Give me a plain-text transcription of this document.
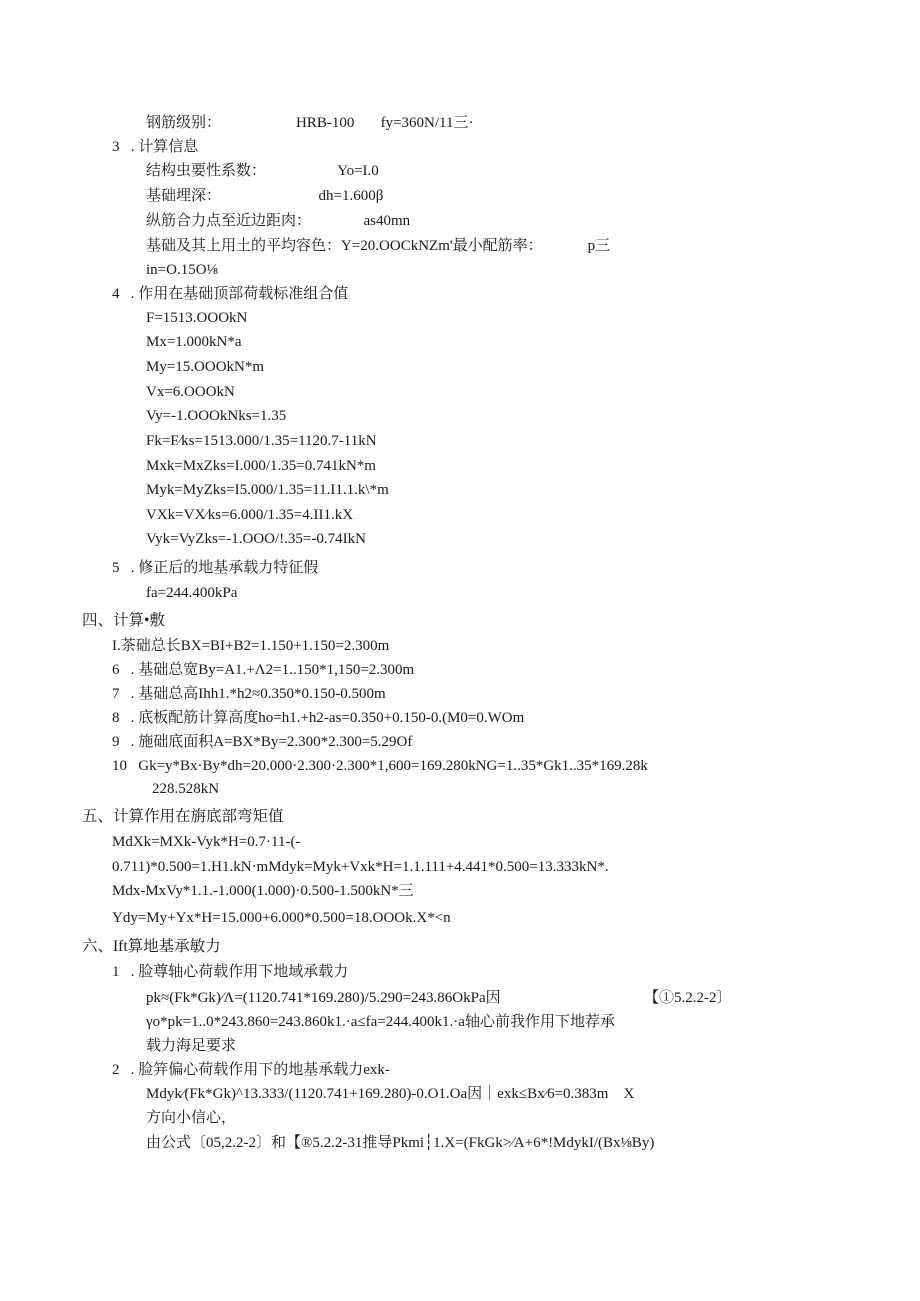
钢筋级别：                    HRB-100       fy=360N/11三·
3   . 计算信息
结构虫要性系数：                   Yo=I.0
基础埋深：                          dh=1.600β
纵筋合力点至近边距肉：              as40mn
基础及其上用土的平均容色：Y=20.OOCkNZm'最小配筋率：            p三
in=O.15O⅛
4   . 作用在基础顶部荷载标准组合值
F=1513.OOOkN
Mx=1.000kN*a
My=15.OOOkN*m
Vx=6.OOOkN
Vy=-1.OOOkNks=1.35
Fk=F⁄ks=1513.000/1.35=1120.7-11kN
Mxk=MxZks=I.000/1.35=0.741kN*m
Myk=MyZks=I5.000/1.35=11.I1.1.k\*m
VXk=VX⁄ks=6.000/1.35=4.II1.kX
Vyk=VyZks=-1.OOO/!.35=-0.74IkN
5   . 修正后的地基承载力特征假
fa=244.400kPa
四、计算•敷
I.茶础总长BX=BI+B2=1.150+1.150=2.300m
6   . 基础总宽By=A1.+Λ2=1..150*1,150=2.300m
7   . 基础总高Ihh1.*h2≈0.350*0.150-0.500m
8   . 底板配筋计算高度ho=h1.+h2-as=0.350+0.150-0.(M0=0.WOm
9   . 施础底面积A=BX*By=2.300*2.300=5.29Of
10   Gk=y*Bx·By*dh=20.000·2.300·2.300*1,600=169.280kNG=1..35*Gk1..35*169.28k
228.528kN
五、计算作用在旃底部弯矩值
MdXk=MXk-Vyk*H=0.7·11-(-
0.711)*0.500=1.H1.kN·mMdyk=Myk+Vxk*H=1.1.111+4.441*0.500=13.333kN*.
Mdx-MxVy*1.1.-1.000(1.000)·0.500-1.500kN*三
Ydy=My+Yx*H=15.000+6.000*0.500=18.OOOk.X*<n
六、Ift算地基承敏力
1   . 脸尊轴心荷载作用下地域承载力
pk≈(Fk*Gk)⁄Λ=(1120.741*169.280)/5.290=243.86OkPa因	【①5.2.2-2〕
γo*pk=1..0*243.860=243.860k1.·a≤fa=244.400k1.·a轴心前我作用下地荐承
载力海足要求
2   . 脸笄偏心荷载作用下的地基承载力exk-
Mdyk⁄(Fk*Gk)^13.333/(1120.741+169.280)-0.O1.Oa因｜exk≤Bx⁄6=0.383m    X
方向小信心，
由公式〔05,2.2-2〕和【®5.2.2-31推导Pkmi┆1.X=(FkGk>⁄A+6*!MdykI/(Bx⅛By)
